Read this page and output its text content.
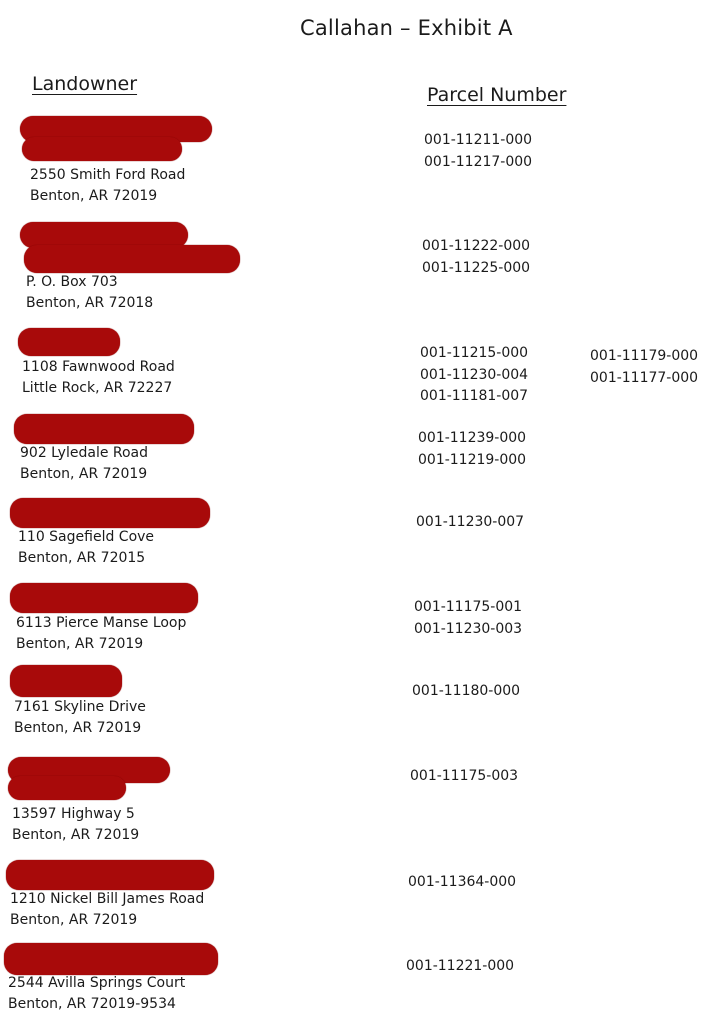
Callahan – Exhibit A
Landowner	Parcel Number
2550 Smith Ford Road
Benton, AR 72019
P. O. Box 703
Benton, AR 72018
1108 Fawnwood Road
Little Rock, AR 72227
902 Lyledale Road
Benton, AR 72019
110 Sagefield Cove
Benton, AR 72015
6113 Pierce Manse Loop
Benton, AR 72019
7161 Skyline Drive
Benton, AR 72019
13597 Highway 5
Benton, AR 72019
1210 Nickel Bill James Road
Benton, AR 72019
2544 Avilla Springs Court
Benton, AR 72019-9534
001-11211-000
001-11217-000
001-11222-000
001-11225-000
001-11215-000
001-11230-004
001-11181-007
001-11179-000
001-11177-000
001-11239-000
001-11219-000
001-11230-007
001-11175-001
001-11230-003
001-11180-000
001-11175-003
001-11364-000
001-11221-000
